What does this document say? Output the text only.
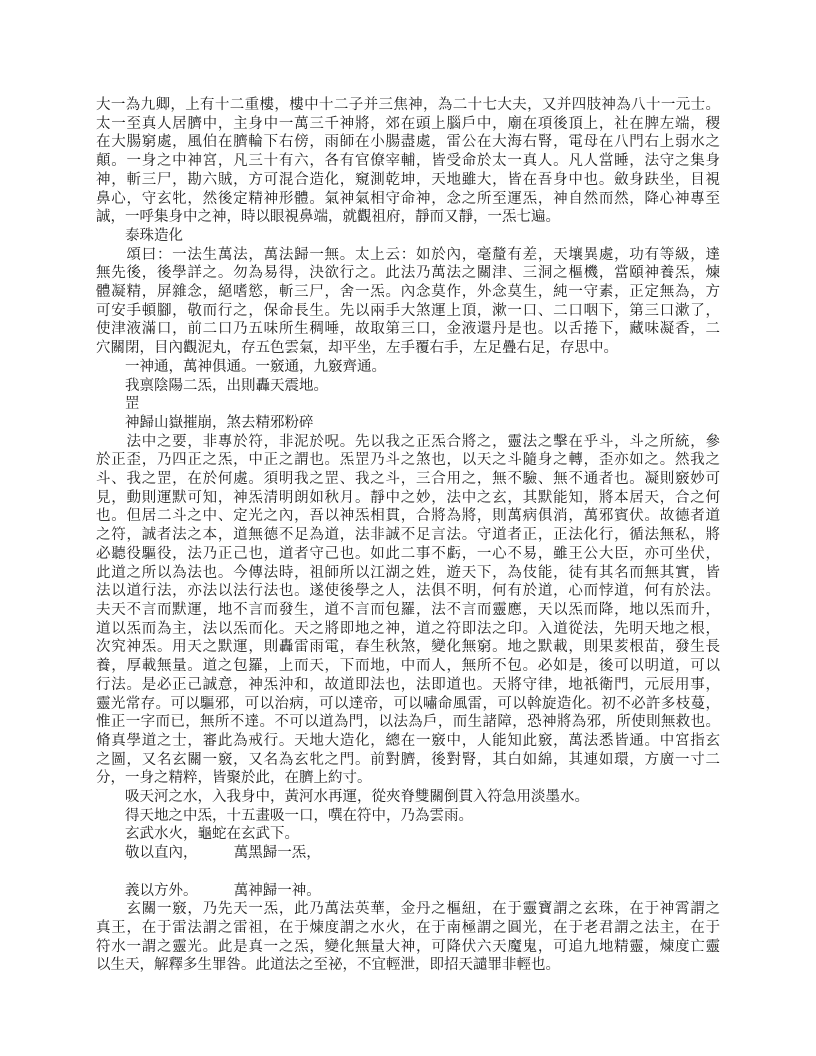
大一為九卿，上有十二重樓，樓中十二子并三焦神，為二十七大夫，又并四肢神為八十一元士。
太一至真人居臍中，主身中一萬三千神將，郊在頭上腦戶中，廟在項後頂上，社在脾左端，稷
在大腸窮處，風伯在臍輪下右傍，雨師在小腸盡處，雷公在大海右腎，電母在八門右上弱水之
顛。一身之中神宮，凡三十有六，各有官僚宰輔，皆受命於太一真人。凡人當睡，法守之集身
神，斬三尸，勘六賊，方可混合造化，窺測乾坤，天地雖大，皆在吾身中也。斂身趺坐，目視
鼻心，守玄牝，然後定精神形體。氣神氣相守命神，念之所至運炁，神自然而然，降心神專至
誠，一呼集身中之神，時以眼視鼻端，就觀祖府，靜而又靜，一炁七遍。
　　泰珠造化
　　頌曰：一法生萬法，萬法歸一無。太上云：如於內，毫釐有差，天壤異處，功有等級，達
無先後，後學詳之。勿為易得，決欲行之。此法乃萬法之關津、三洞之樞機，當頤神養炁，煉
體凝精，屏雜念，絕嗜慾，斬三尸，舍一炁。內念莫作，外念莫生，純一守素，正定無為，方
可安手頓腳，敬而行之，保命長生。先以兩手大煞運上頂，漱一口、二口咽下，第三口漱了，
使津液滿口，前二口乃五味所生稠唾，故取第三口，金液還丹是也。以舌捲下，藏味凝香，二
穴關閉，目內觀泥丸，存五色雲氣，却平坐，左手覆右手，左足疊右足，存思中。
　　一神通，萬神俱通。一竅通，九竅齊通。
　　我禀陰陽二炁，出則轟天震地。
　　罡
　　神歸山嶽摧崩，煞去精邪粉碎
　　法中之要，非專於符，非泥於呪。先以我之正炁合將之，靈法之擊在乎斗，斗之所統，參
於正歪，乃四正之炁，中正之謂也。炁罡乃斗之煞也，以天之斗隨身之轉，歪亦如之。然我之
斗、我之罡，在於何處。須明我之罡、我之斗，三合用之，無不驗、無不通者也。凝則竅妙可
見，動則運默可知，神炁清明朗如秋月。靜中之妙，法中之玄，其默能知，將本居天，合之何
也。但居二斗之中、定光之內，吾以神炁相貫，合將為將，則萬病俱消，萬邪賓伏。故德者道
之符，誠者法之本，道無德不足為道，法非誠不足言法。守道者正，正法化行，循法無私，將
必聽役驅役，法乃正己也，道者守己也。如此二事不虧，一心不易，雖王公大臣，亦可坐伏，
此道之所以為法也。今傳法時，祖師所以江湖之姓，遊天下，為伎能，徒有其名而無其實，皆
法以道行法，亦法以法行法也。遂使後學之人，法俱不明，何有於道，心而悖道，何有於法。
夫天不言而默運，地不言而發生，道不言而包羅，法不言而靈應，天以炁而降，地以炁而升，
道以炁而為主，法以炁而化。天之將即地之神，道之符即法之印。入道從法，先明天地之根，
次究神炁。用天之默運，則轟雷雨電，春生秋煞，變化無窮。地之默載，則果荄根苗，發生長
養，厚載無量。道之包羅，上而天，下而地，中而人，無所不包。必如是，後可以明道，可以
行法。是必正己誠意，神炁沖和，故道即法也，法即道也。天將守律，地祇衛門，元辰用事，
靈光常存。可以驅邪，可以治病，可以達帝，可以嘯命風雷，可以斡旋造化。初不必許多枝蔓，
惟正一字而已，無所不達。不可以道為門，以法為戶，而生諸障，恐神將為邪，所使則無救也。
脩真學道之士，審此為戒行。天地大造化，總在一竅中，人能知此竅，萬法悉皆通。中宮指玄
之圖，又名玄關一竅，又名為玄牝之門。前對臍，後對腎，其白如綿，其連如環，方廣一寸二
分，一身之精粹，皆聚於此，在臍上約寸。
　　吸天河之水，入我身中，黃河水再運，從夾脊雙關倒貫入符急用淡墨水。
　　得天地之中炁，十五畫吸一口，噀在符中，乃為雲雨。
　　玄武水火，龜蛇在玄武下。
　　敬以直內，　　　萬黑歸一炁，
　　義以方外。　　　萬神歸一神。
　　玄關一竅，乃先天一炁，此乃萬法英華，金丹之樞紐，在于靈寶謂之玄珠，在于神霄謂之
真王，在于雷法謂之雷祖，在于煉度謂之水火，在于南極謂之圓光，在于老君謂之法主，在于
符水一謂之靈光。此是真一之炁，變化無量大神，可降伏六天魔鬼，可追九地精靈，煉度亡靈
以生天，解釋多生罪咎。此道法之至祕，不宜輕泄，即招天譴罪非輕也。
